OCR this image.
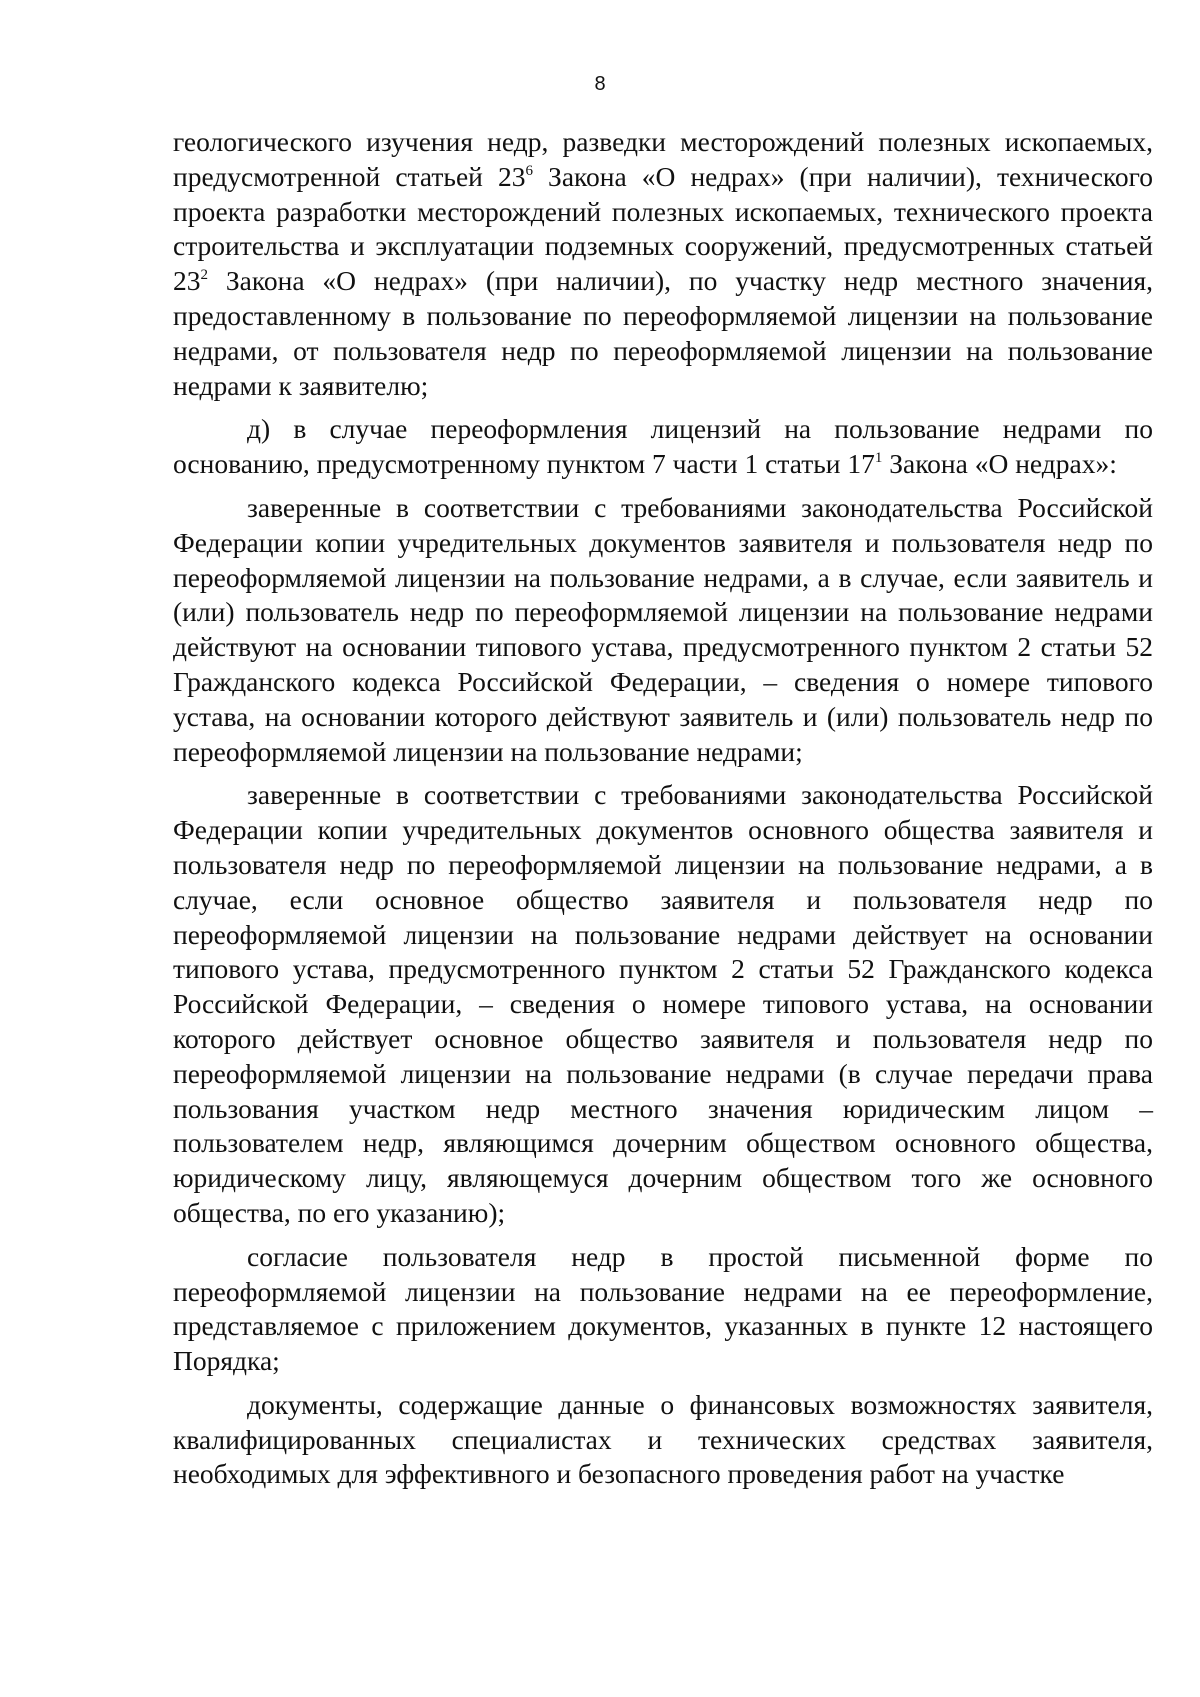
8

геологического изучения недр, разведки месторождений полезных ископаемых, предусмотренной статьей $23^6$ Закона «О недрах» (при наличии), технического проекта разработки месторождений полезных ископаемых, технического проекта строительства и эксплуатации подземных сооружений, предусмотренных статьей $23^2$ Закона «О недрах» (при наличии), по участку недр местного значения, предоставленному в пользование по переоформляемой лицензии на пользование недрами, от пользователя недр по переоформляемой лицензии на пользование недрами к заявителю;

д) в случае переоформления лицензий на пользование недрами по основанию, предусмотренному пунктом 7 части 1 статьи $17^1$ Закона «О недрах»:

заверенные в соответствии с требованиями законодательства Российской Федерации копии учредительных документов заявителя и пользователя недр по переоформляемой лицензии на пользование недрами, а в случае, если заявитель и (или) пользователь недр по переоформляемой лицензии на пользование недрами действуют на основании типового устава, предусмотренного пунктом 2 статьи 52 Гражданского кодекса Российской Федерации, – сведения о номере типового устава, на основании которого действуют заявитель и (или) пользователь недр по переоформляемой лицензии на пользование недрами;

заверенные в соответствии с требованиями законодательства Российской Федерации копии учредительных документов основного общества заявителя и пользователя недр по переоформляемой лицензии на пользование недрами, а в случае, если основное общество заявителя и пользователя недр по переоформляемой лицензии на пользование недрами действует на основании типового устава, предусмотренного пунктом 2 статьи 52 Гражданского кодекса Российской Федерации, – сведения о номере типового устава, на основании которого действует основное общество заявителя и пользователя недр по переоформляемой лицензии на пользование недрами (в случае передачи права пользования участком недр местного значения юридическим лицом – пользователем недр, являющимся дочерним обществом основного общества, юридическому лицу, являющемуся дочерним обществом того же основного общества, по его указанию);

согласие пользователя недр в простой письменной форме по переоформляемой лицензии на пользование недрами на ее переоформление, представляемое с приложением документов, указанных в пункте 12 настоящего Порядка;

документы, содержащие данные о финансовых возможностях заявителя, квалифицированных специалистах и технических средствах заявителя, необходимых для эффективного и безопасного проведения работ на участке
